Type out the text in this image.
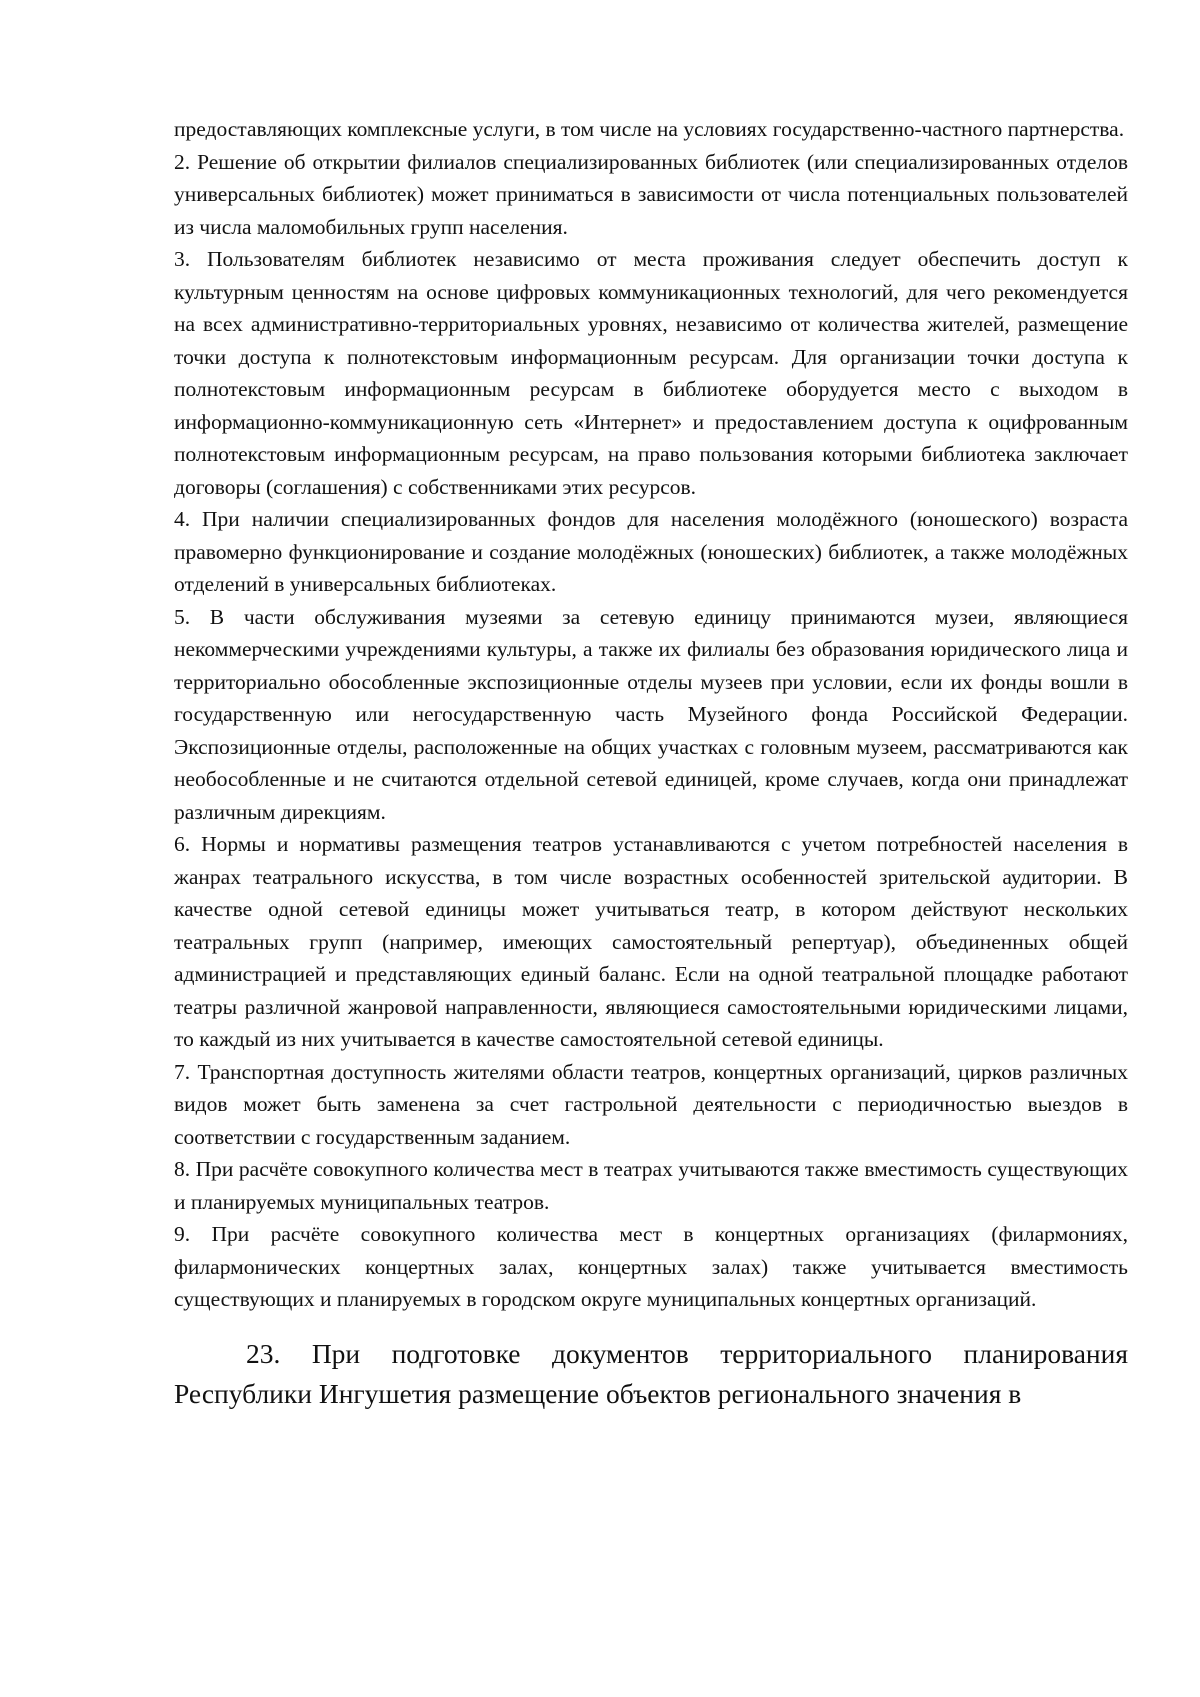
предоставляющих комплексные услуги, в том числе на условиях государственно-частного партнерства.

2. Решение об открытии филиалов специализированных библиотек (или специализированных отделов универсальных библиотек) может приниматься в зависимости от числа потенциальных пользователей из числа маломобильных групп населения.

3. Пользователям библиотек независимо от места проживания следует обеспечить доступ к культурным ценностям на основе цифровых коммуникационных технологий, для чего рекомендуется на всех административно-территориальных уровнях, независимо от количества жителей, размещение точки доступа к полнотекстовым информационным ресурсам. Для организации точки доступа к полнотекстовым информационным ресурсам в библиотеке оборудуется место с выходом в информационно-коммуникационную сеть «Интернет» и предоставлением доступа к оцифрованным полнотекстовым информационным ресурсам, на право пользования которыми библиотека заключает договоры (соглашения) с собственниками этих ресурсов.

4. При наличии специализированных фондов для населения молодёжного (юношеского) возраста правомерно функционирование и создание молодёжных (юношеских) библиотек, а также молодёжных отделений в универсальных библиотеках.

5. В части обслуживания музеями за сетевую единицу принимаются музеи, являющиеся некоммерческими учреждениями культуры, а также их филиалы без образования юридического лица и территориально обособленные экспозиционные отделы музеев при условии, если их фонды вошли в государственную или негосударственную часть Музейного фонда Российской Федерации. Экспозиционные отделы, расположенные на общих участках с головным музеем, рассматриваются как необособленные и не считаются отдельной сетевой единицей, кроме случаев, когда они принадлежат различным дирекциям.

6. Нормы и нормативы размещения театров устанавливаются с учетом потребностей населения в жанрах театрального искусства, в том числе возрастных особенностей зрительской аудитории. В качестве одной сетевой единицы может учитываться театр, в котором действуют нескольких театральных групп (например, имеющих самостоятельный репертуар), объединенных общей администрацией и представляющих единый баланс. Если на одной театральной площадке работают театры различной жанровой направленности, являющиеся самостоятельными юридическими лицами, то каждый из них учитывается в качестве самостоятельной сетевой единицы.

7. Транспортная доступность жителями области театров, концертных организаций, цирков различных видов может быть заменена за счет гастрольной деятельности с периодичностью выездов в соответствии с государственным заданием.

8. При расчёте совокупного количества мест в театрах учитываются также вместимость существующих и планируемых муниципальных театров.

9. При расчёте совокупного количества мест в концертных организациях (филармониях, филармонических концертных залах, концертных залах) также учитывается вместимость существующих и планируемых в городском округе муниципальных концертных организаций.

23. При подготовке документов территориального планирования Республики Ингушетия размещение объектов регионального значения в
